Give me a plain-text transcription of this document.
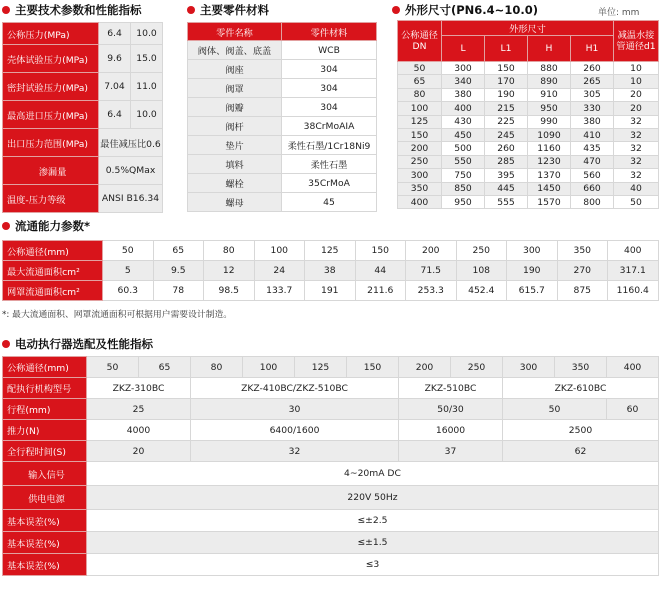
主要技术参数和性能指标
公称压力(MPa)	6.4	10.0
壳体试验压力(MPa)	9.6	15.0
密封试验压力(MPa)	7.04	11.0
最高进口压力(MPa)	6.4	10.0
出口压力范围(MPa)	最佳减压比0.6	
渗漏量	0.5%QMax	
温度-压力等级	ANSI B16.34	
主要零件材料
零件名称	零件材料
阀体、阀盖、底盖	WCB
阀座	304
阀罩	304
阀瓣	304
阀杆	38CrMoAIA
垫片	柔性石墨/1Cr18Ni9
填料	柔性石墨
螺栓	35CrMoA
螺母	45
外形尺寸(PN6.4~10.0)	单位: mm
公称通径 DN	外形尺寸				减温水接管通径d1
	L	L1	H	H1	
50	300	150	880	260	10
65	340	170	890	265	10
80	380	190	910	305	20
100	400	215	950	330	20
125	430	225	990	380	32
150	450	245	1090	410	32
200	500	260	1160	435	32
250	550	285	1230	470	32
300	750	395	1370	560	32
350	850	445	1450	660	40
400	950	555	1570	800	50
流通能力参数*
公称通径(mm)	50	65	80	100	125	150	200	250	300	350	400
最大流通面积cm²	5	9.5	12	24	38	44	71.5	108	190	270	317.1
网罩流通面积cm²	60.3	78	98.5	133.7	191	211.6	253.3	452.4	615.7	875	1160.4
*: 最大流通面积、网罩流通面积可根据用户需要设计制造。
电动执行器选配及性能指标
公称通径(mm)	50	65	80	100	125	150	200	250	300	350	400
配执行机构型号	ZKZ-310BC		ZKZ-410BC/ZKZ-510BC				ZKZ-510BC		ZKZ-610BC		
行程(mm)	25		30				50/30		50		60
推力(N)	4000		6400/1600				16000		2500		
全行程时间(S)	20		32				37		62		
输入信号	4~20mA DC										
供电电源	220V 50Hz										
基本误差(%)	≤±2.5										
基本误差(%)	≤±1.5										
基本误差(%)	≤3										
